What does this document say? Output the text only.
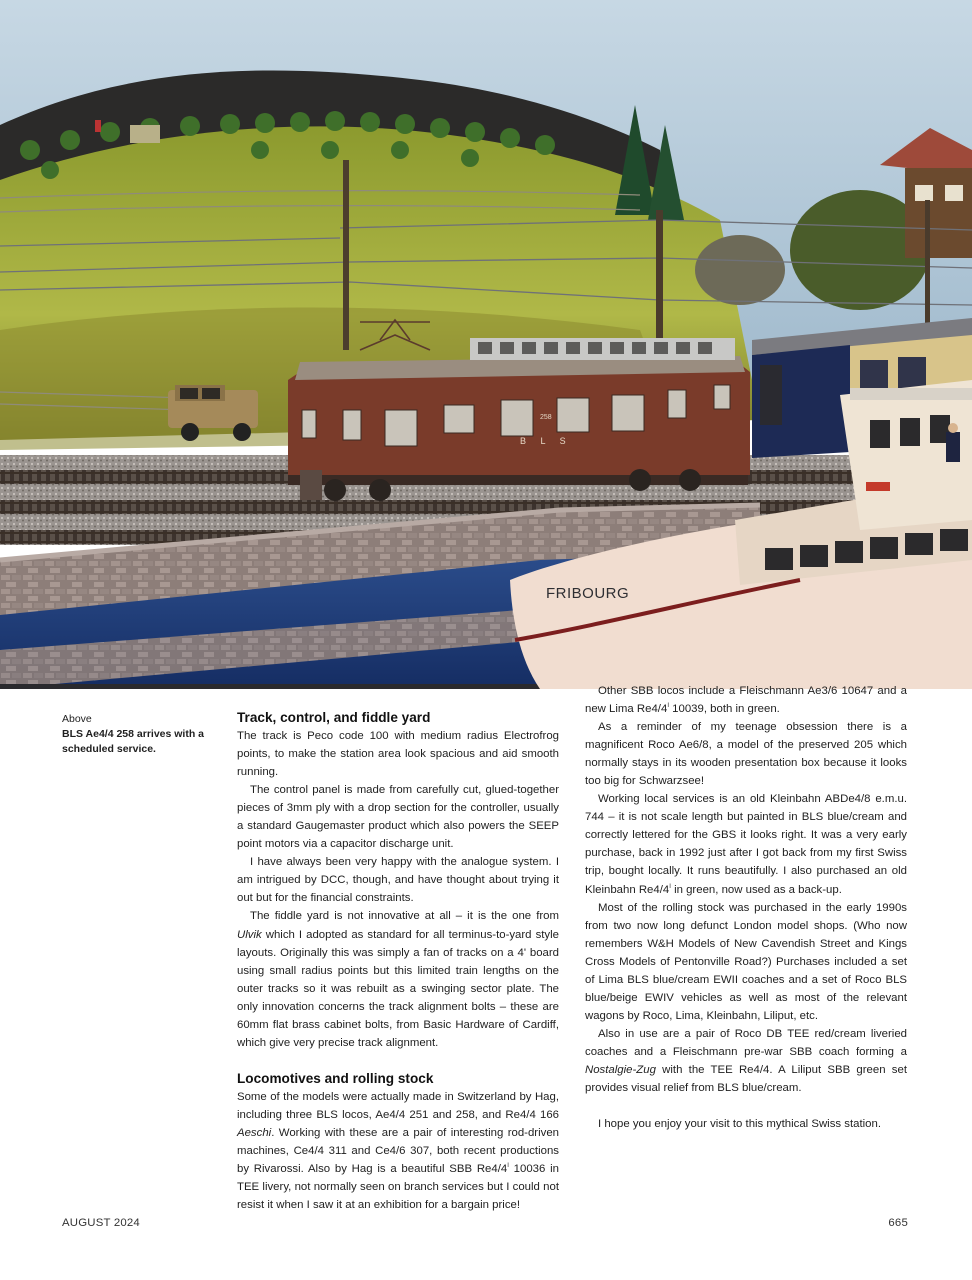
258
B L S
FRIBOURG
Above
BLS Ae4/4 258 arrives with a scheduled service.
Track, control, and fiddle yard

The track is Peco code 100 with medium radius Electrofrog points, to make the station area look spacious and aid smooth running.

The control panel is made from carefully cut, glued-together pieces of 3mm ply with a drop section for the controller, usually a standard Gaugemaster product which also powers the SEEP point motors via a capacitor discharge unit.

I have always been very happy with the analogue system. I am intrigued by DCC, though, and have thought about trying it out but for the financial constraints.

The fiddle yard is not innovative at all – it is the one from Ulvik which I adopted as standard for all terminus-to-yard style layouts. Originally this was simply a fan of tracks on a 4' board using small radius points but this limited train lengths on the outer tracks so it was rebuilt as a swinging sector plate. The only innovation concerns the track alignment bolts – these are 60mm flat brass cabinet bolts, from Basic Hardware of Cardiff, which give very precise track alignment.

Locomotives and rolling stock

Some of the models were actually made in Switzerland by Hag, including three BLS locos, Ae4/4 251 and 258, and Re4/4 166 Aeschi. Working with these are a pair of interesting rod-driven machines, Ce4/4 311 and Ce4/6 307, both recent productions by Rivarossi. Also by Hag is a beautiful SBB $Re4/4^I$ 10036 in TEE livery, not normally seen on branch services but I could not resist it when I saw it at an exhibition for a bargain price!

Other SBB locos include a Fleischmann Ae3/6 10647 and a new Lima $Re4/4^I$ 10039, both in green.

As a reminder of my teenage obsession there is a magnificent Roco Ae6/8, a model of the preserved 205 which normally stays in its wooden presentation box because it looks too big for Schwarzsee!

Working local services is an old Kleinbahn ABDe4/8 e.m.u. 744 – it is not scale length but painted in BLS blue/cream and correctly lettered for the GBS it looks right. It was a very early purchase, back in 1992 just after I got back from my first Swiss trip, bought locally. It runs beautifully. I also purchased an old Kleinbahn $Re4/4^I$ in green, now used as a back-up.

Most of the rolling stock was purchased in the early 1990s from two now long defunct London model shops. (Who now remembers W&H Models of New Cavendish Street and Kings Cross Models of Pentonville Road?) Purchases included a set of Lima BLS blue/cream EWII coaches and a set of Roco BLS blue/beige EWIV vehicles as well as most of the relevant wagons by Roco, Lima, Kleinbahn, Liliput, etc.

Also in use are a pair of Roco DB TEE red/cream liveried coaches and a Fleischmann pre-war SBB coach forming a Nostalgie-Zug with the TEE Re4/4. A Liliput SBB green set provides visual relief from BLS blue/cream.

I hope you enjoy your visit to this mythical Swiss station.

AUGUST 2024	665
